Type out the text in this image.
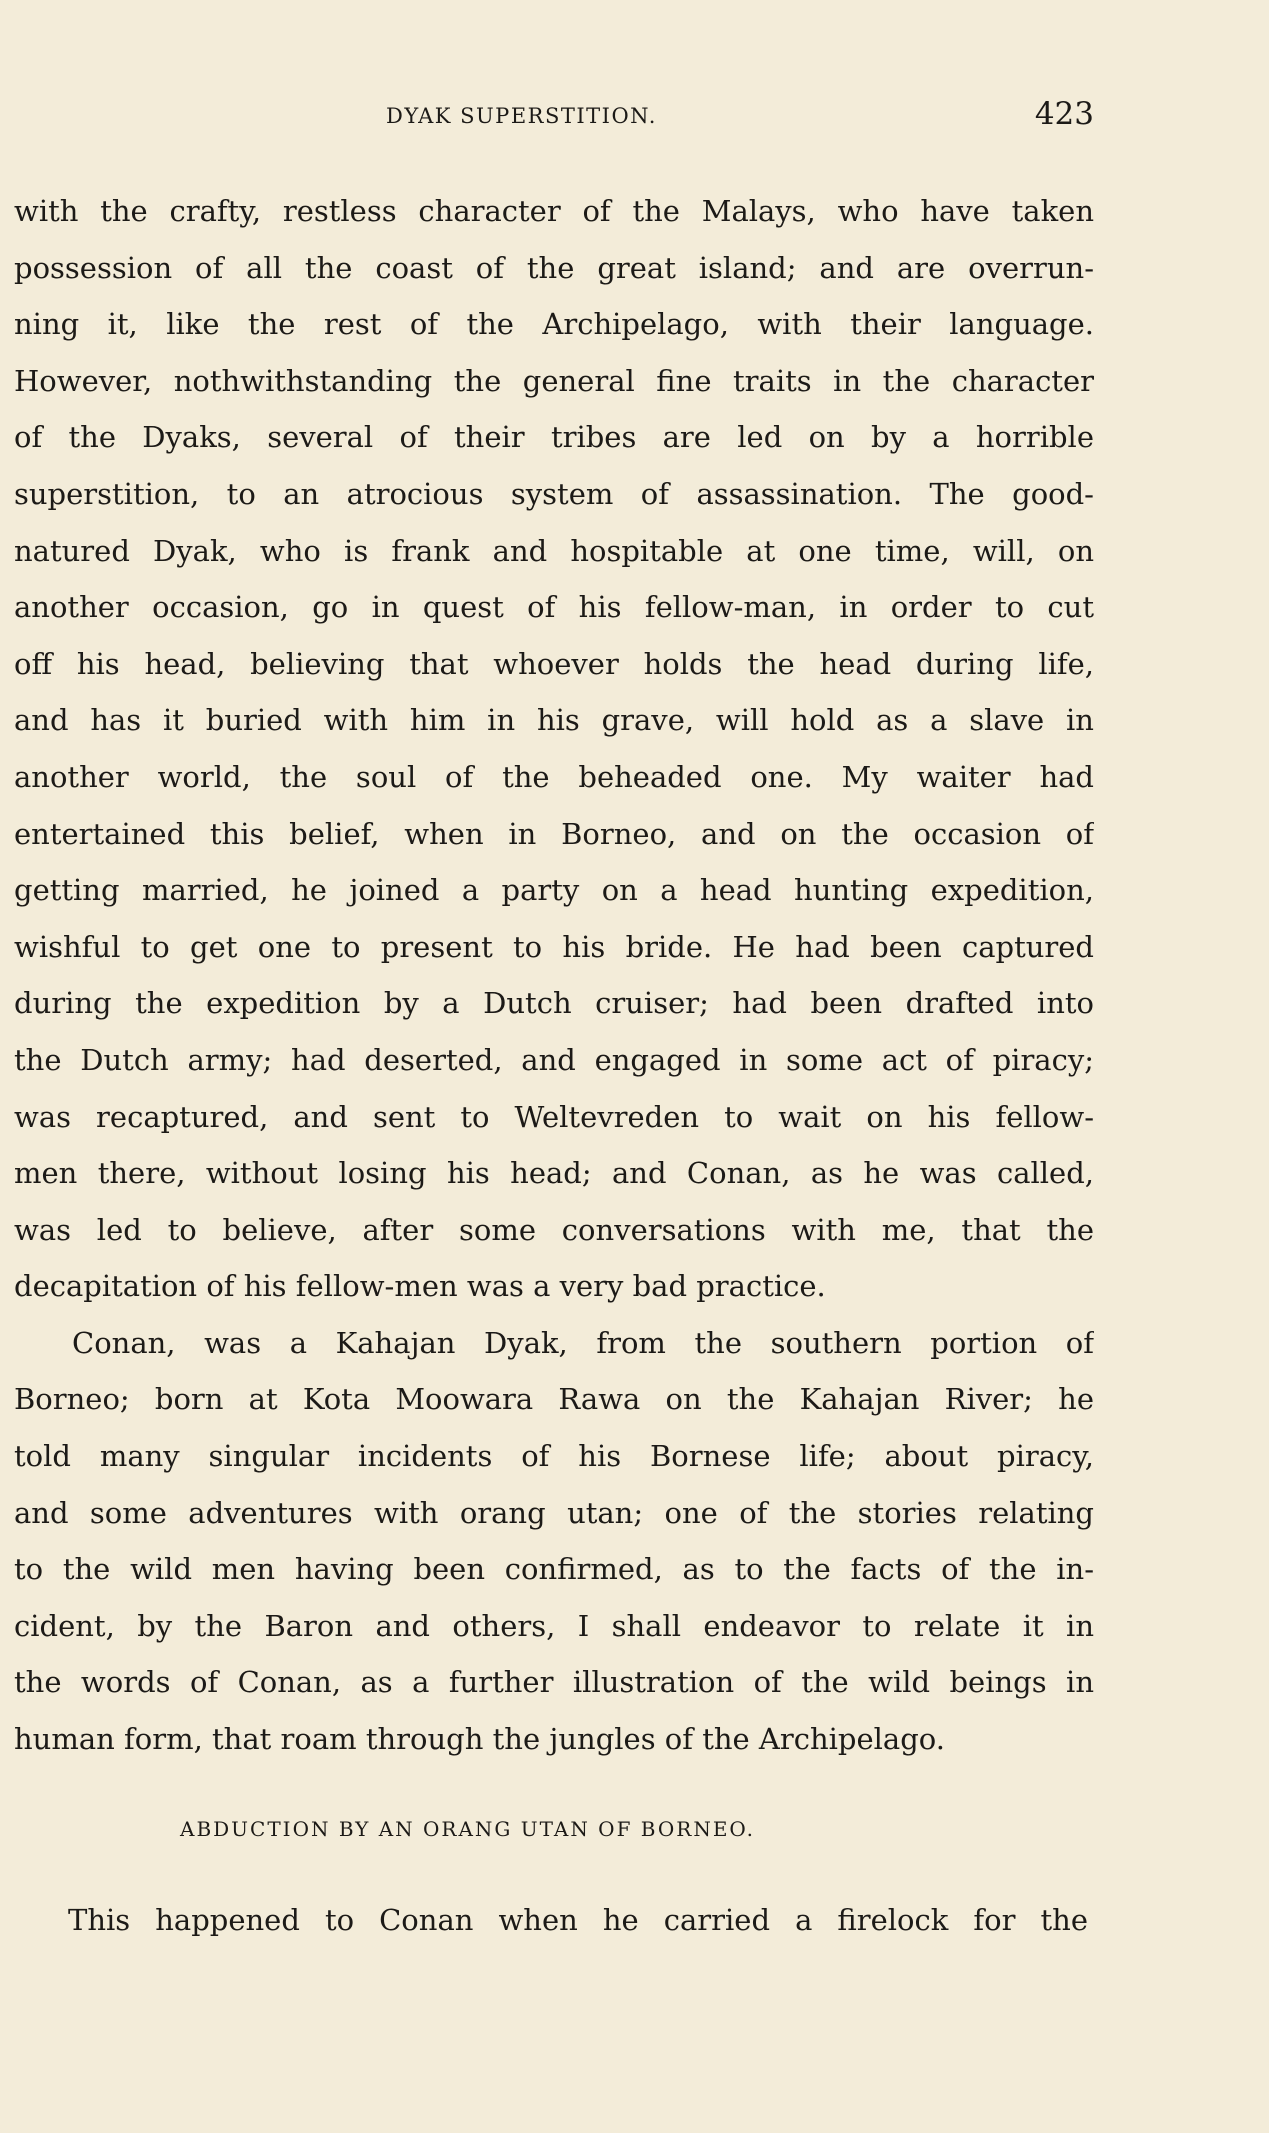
DYAK SUPERSTITION.	423
with the crafty, restless character of the Malays, who have taken
possession of all the coast of the great island; and are overrun-
ning it, like the rest of the Archipelago, with their language.
However, nothwithstanding the general fine traits in the character
of the Dyaks, several of their tribes are led on by a horrible
superstition, to an atrocious system of assassination. The good-
natured Dyak, who is frank and hospitable at one time, will, on
another occasion, go in quest of his fellow-man, in order to cut
off his head, believing that whoever holds the head during life,
and has it buried with him in his grave, will hold as a slave in
another world, the soul of the beheaded one. My waiter had
entertained this belief, when in Borneo, and on the occasion of
getting married, he joined a party on a head hunting expedition,
wishful to get one to present to his bride. He had been captured
during the expedition by a Dutch cruiser; had been drafted into
the Dutch army; had deserted, and engaged in some act of piracy;
was recaptured, and sent to Weltevreden to wait on his fellow-
men there, without losing his head; and Conan, as he was called,
was led to believe, after some conversations with me, that the
decapitation of his fellow-men was a very bad practice.
Conan, was a Kahajan Dyak, from the southern portion of
Borneo; born at Kota Moowara Rawa on the Kahajan River; he
told many singular incidents of his Bornese life; about piracy,
and some adventures with orang utan; one of the stories relating
to the wild men having been confirmed, as to the facts of the in-
cident, by the Baron and others, I shall endeavor to relate it in
the words of Conan, as a further illustration of the wild beings in
human form, that roam through the jungles of the Archipelago.
ABDUCTION BY AN ORANG UTAN OF BORNEO.
This happened to Conan when he carried a firelock for the
